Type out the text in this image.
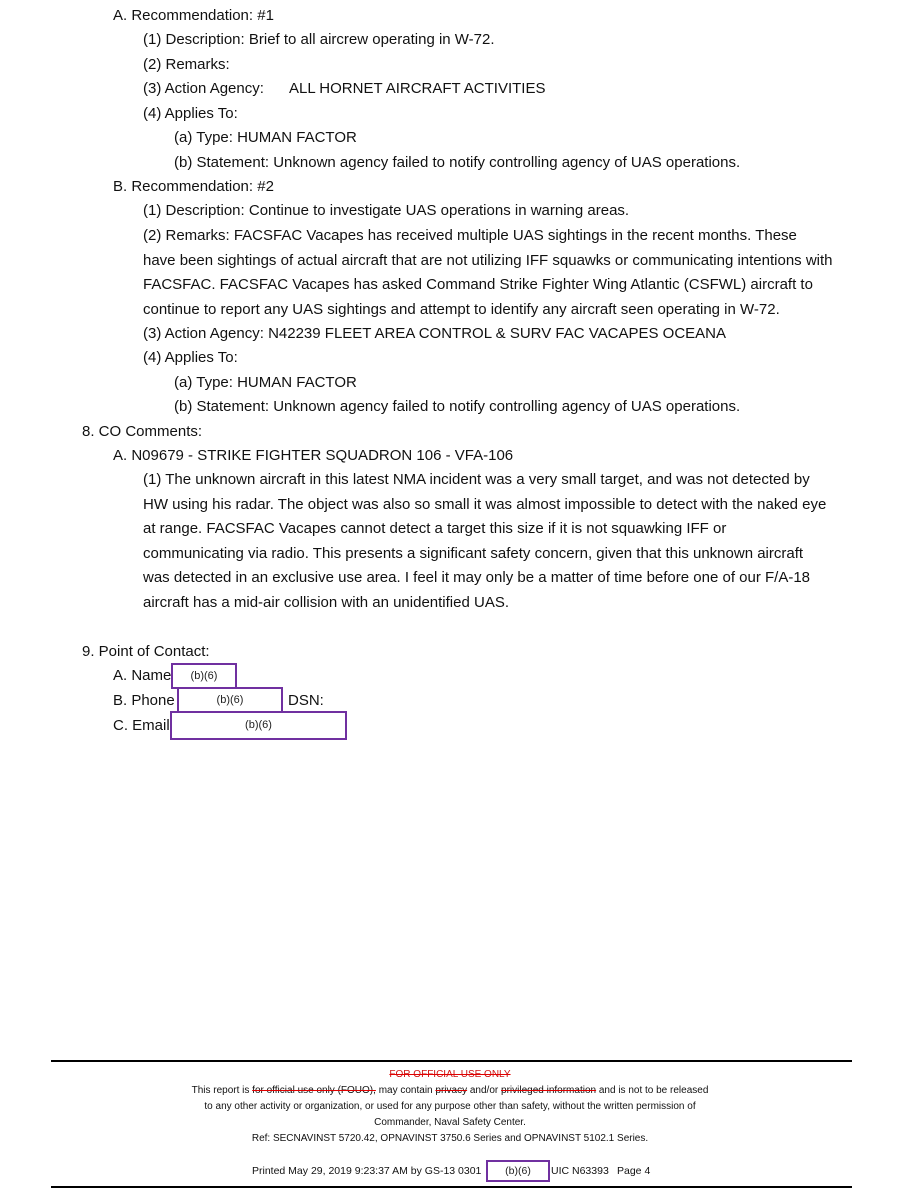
A. Recommendation: #1
(1) Description: Brief to all aircrew operating in W-72.
(2) Remarks:
(3) Action Agency: ALL HORNET AIRCRAFT ACTIVITIES
(4) Applies To:
(a) Type: HUMAN FACTOR
(b) Statement: Unknown agency failed to notify controlling agency of UAS operations.
B. Recommendation: #2
(1) Description: Continue to investigate UAS operations in warning areas.
(2) Remarks: FACSFAC Vacapes has received multiple UAS sightings in the recent months. These
have been sightings of actual aircraft that are not utilizing IFF squawks or communicating intentions with
FACSFAC. FACSFAC Vacapes has asked Command Strike Fighter Wing Atlantic (CSFWL) aircraft to
continue to report any UAS sightings and attempt to identify any aircraft seen operating in W-72.
(3) Action Agency: N42239 FLEET AREA CONTROL & SURV FAC VACAPES OCEANA
(4) Applies To:
(a) Type: HUMAN FACTOR
(b) Statement: Unknown agency failed to notify controlling agency of UAS operations.
8. CO Comments:
A. N09679 - STRIKE FIGHTER SQUADRON 106 - VFA-106
(1) The unknown aircraft in this latest NMA incident was a very small target, and was not detected by
HW using his radar. The object was also so small it was almost impossible to detect with the naked eye
at range. FACSFAC Vacapes cannot detect a target this size if it is not squawking IFF or
communicating via radio. This presents a significant safety concern, given that this unknown aircraft
was detected in an exclusive use area. I feel it may only be a matter of time before one of our F/A-18
aircraft has a mid-air collision with an unidentified UAS.
9. Point of Contact:
A. Name	(b)(6)
B. Phone	(b)(6)	DSN:
C. Email	(b)(6)
FOR OFFICIAL USE ONLY
This report is for official use only (FOUO), may contain privacy and/or privileged information and is not to be released
to any other activity or organization, or used for any purpose other than safety, without the written permission of
Commander, Naval Safety Center.
Ref: SECNAVINST 5720.42, OPNAVINST 3750.6 Series and OPNAVINST 5102.1 Series.
Printed May 29, 2019 9:23:37 AM by GS-13 0301	(b)(6)	UIC N63393 Page 4
